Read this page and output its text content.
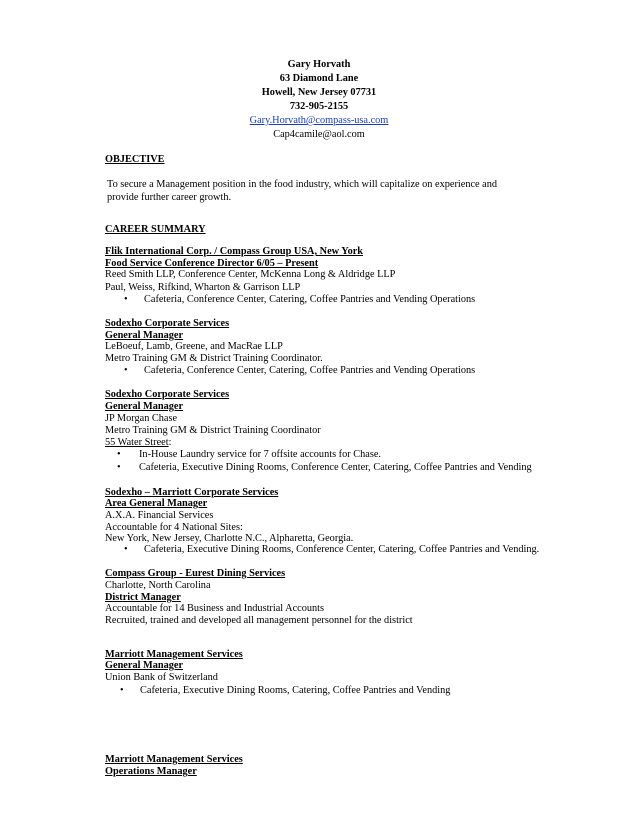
Gary Horvath
63 Diamond Lane
Howell, New Jersey 07731
732-905-2155
Gary.Horvath@compass-usa.com
Cap4camile@aol.com
OBJECTIVE
To secure a Management position in the food industry, which will capitalize on experience and
provide further career growth.
CAREER SUMMARY
Flik International Corp. / Compass Group USA, New York
Food Service Conference Director 6/05 – Present
Reed Smith LLP, Conference Center, McKenna Long & Aldridge LLP
Paul, Weiss, Rifkind, Wharton & Garrison LLP
• Cafeteria, Conference Center, Catering, Coffee Pantries and Vending Operations
Sodexho Corporate Services
General Manager
LeBoeuf, Lamb, Greene, and MacRae LLP
Metro Training GM & District Training Coordinator.
• Cafeteria, Conference Center, Catering, Coffee Pantries and Vending Operations
Sodexho Corporate Services
General Manager
JP Morgan Chase
Metro Training GM & District Training Coordinator
55 Water Street:
• In-House Laundry service for 7 offsite accounts for Chase.
• Cafeteria, Executive Dining Rooms, Conference Center, Catering, Coffee Pantries and Vending
Sodexho – Marriott Corporate Services
Area General Manager
A.X.A. Financial Services
Accountable for 4 National Sites:
New York, New Jersey, Charlotte N.C., Alpharetta, Georgia.
• Cafeteria, Executive Dining Rooms, Conference Center, Catering, Coffee Pantries and Vending.
Compass Group - Eurest Dining Services
Charlotte, North Carolina
District Manager
Accountable for 14 Business and Industrial Accounts
Recruited, trained and developed all management personnel for the district
Marriott Management Services
General Manager
Union Bank of Switzerland
• Cafeteria, Executive Dining Rooms, Catering, Coffee Pantries and Vending
Marriott Management Services
Operations Manager
